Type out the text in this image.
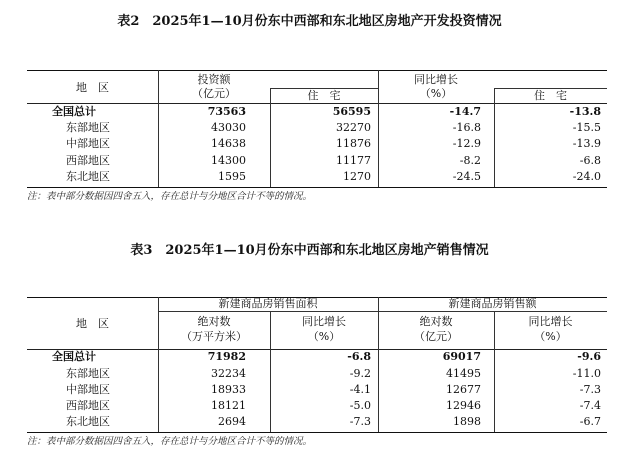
表2　2025年1—10月份东中西部和东北地区房地产开发投资情况
地　区
投资额
（亿元）	住　宅
同比增长
（%）	住　宅
全国总计	73563	56595	-14.7	-13.8
东部地区	43030	32270	-16.8	-15.5
中部地区	14638	11876	-12.9	-13.9
西部地区	14300	11177	-8.2	-6.8
东北地区	1595	1270	-24.5	-24.0
注：表中部分数据因四舍五入，存在总计与分地区合计不等的情况。
表3　2025年1—10月份东中西部和东北地区房地产销售情况
地　区
新建商品房销售面积	新建商品房销售额
绝对数
（万平方米）
同比增长
（%）
绝对数
（亿元）
同比增长
（%）
全国总计	71982	-6.8	69017	-9.6
东部地区	32234	-9.2	41495	-11.0
中部地区	18933	-4.1	12677	-7.3
西部地区	18121	-5.0	12946	-7.4
东北地区	2694	-7.3	1898	-6.7
注：表中部分数据因四舍五入，存在总计与分地区合计不等的情况。
